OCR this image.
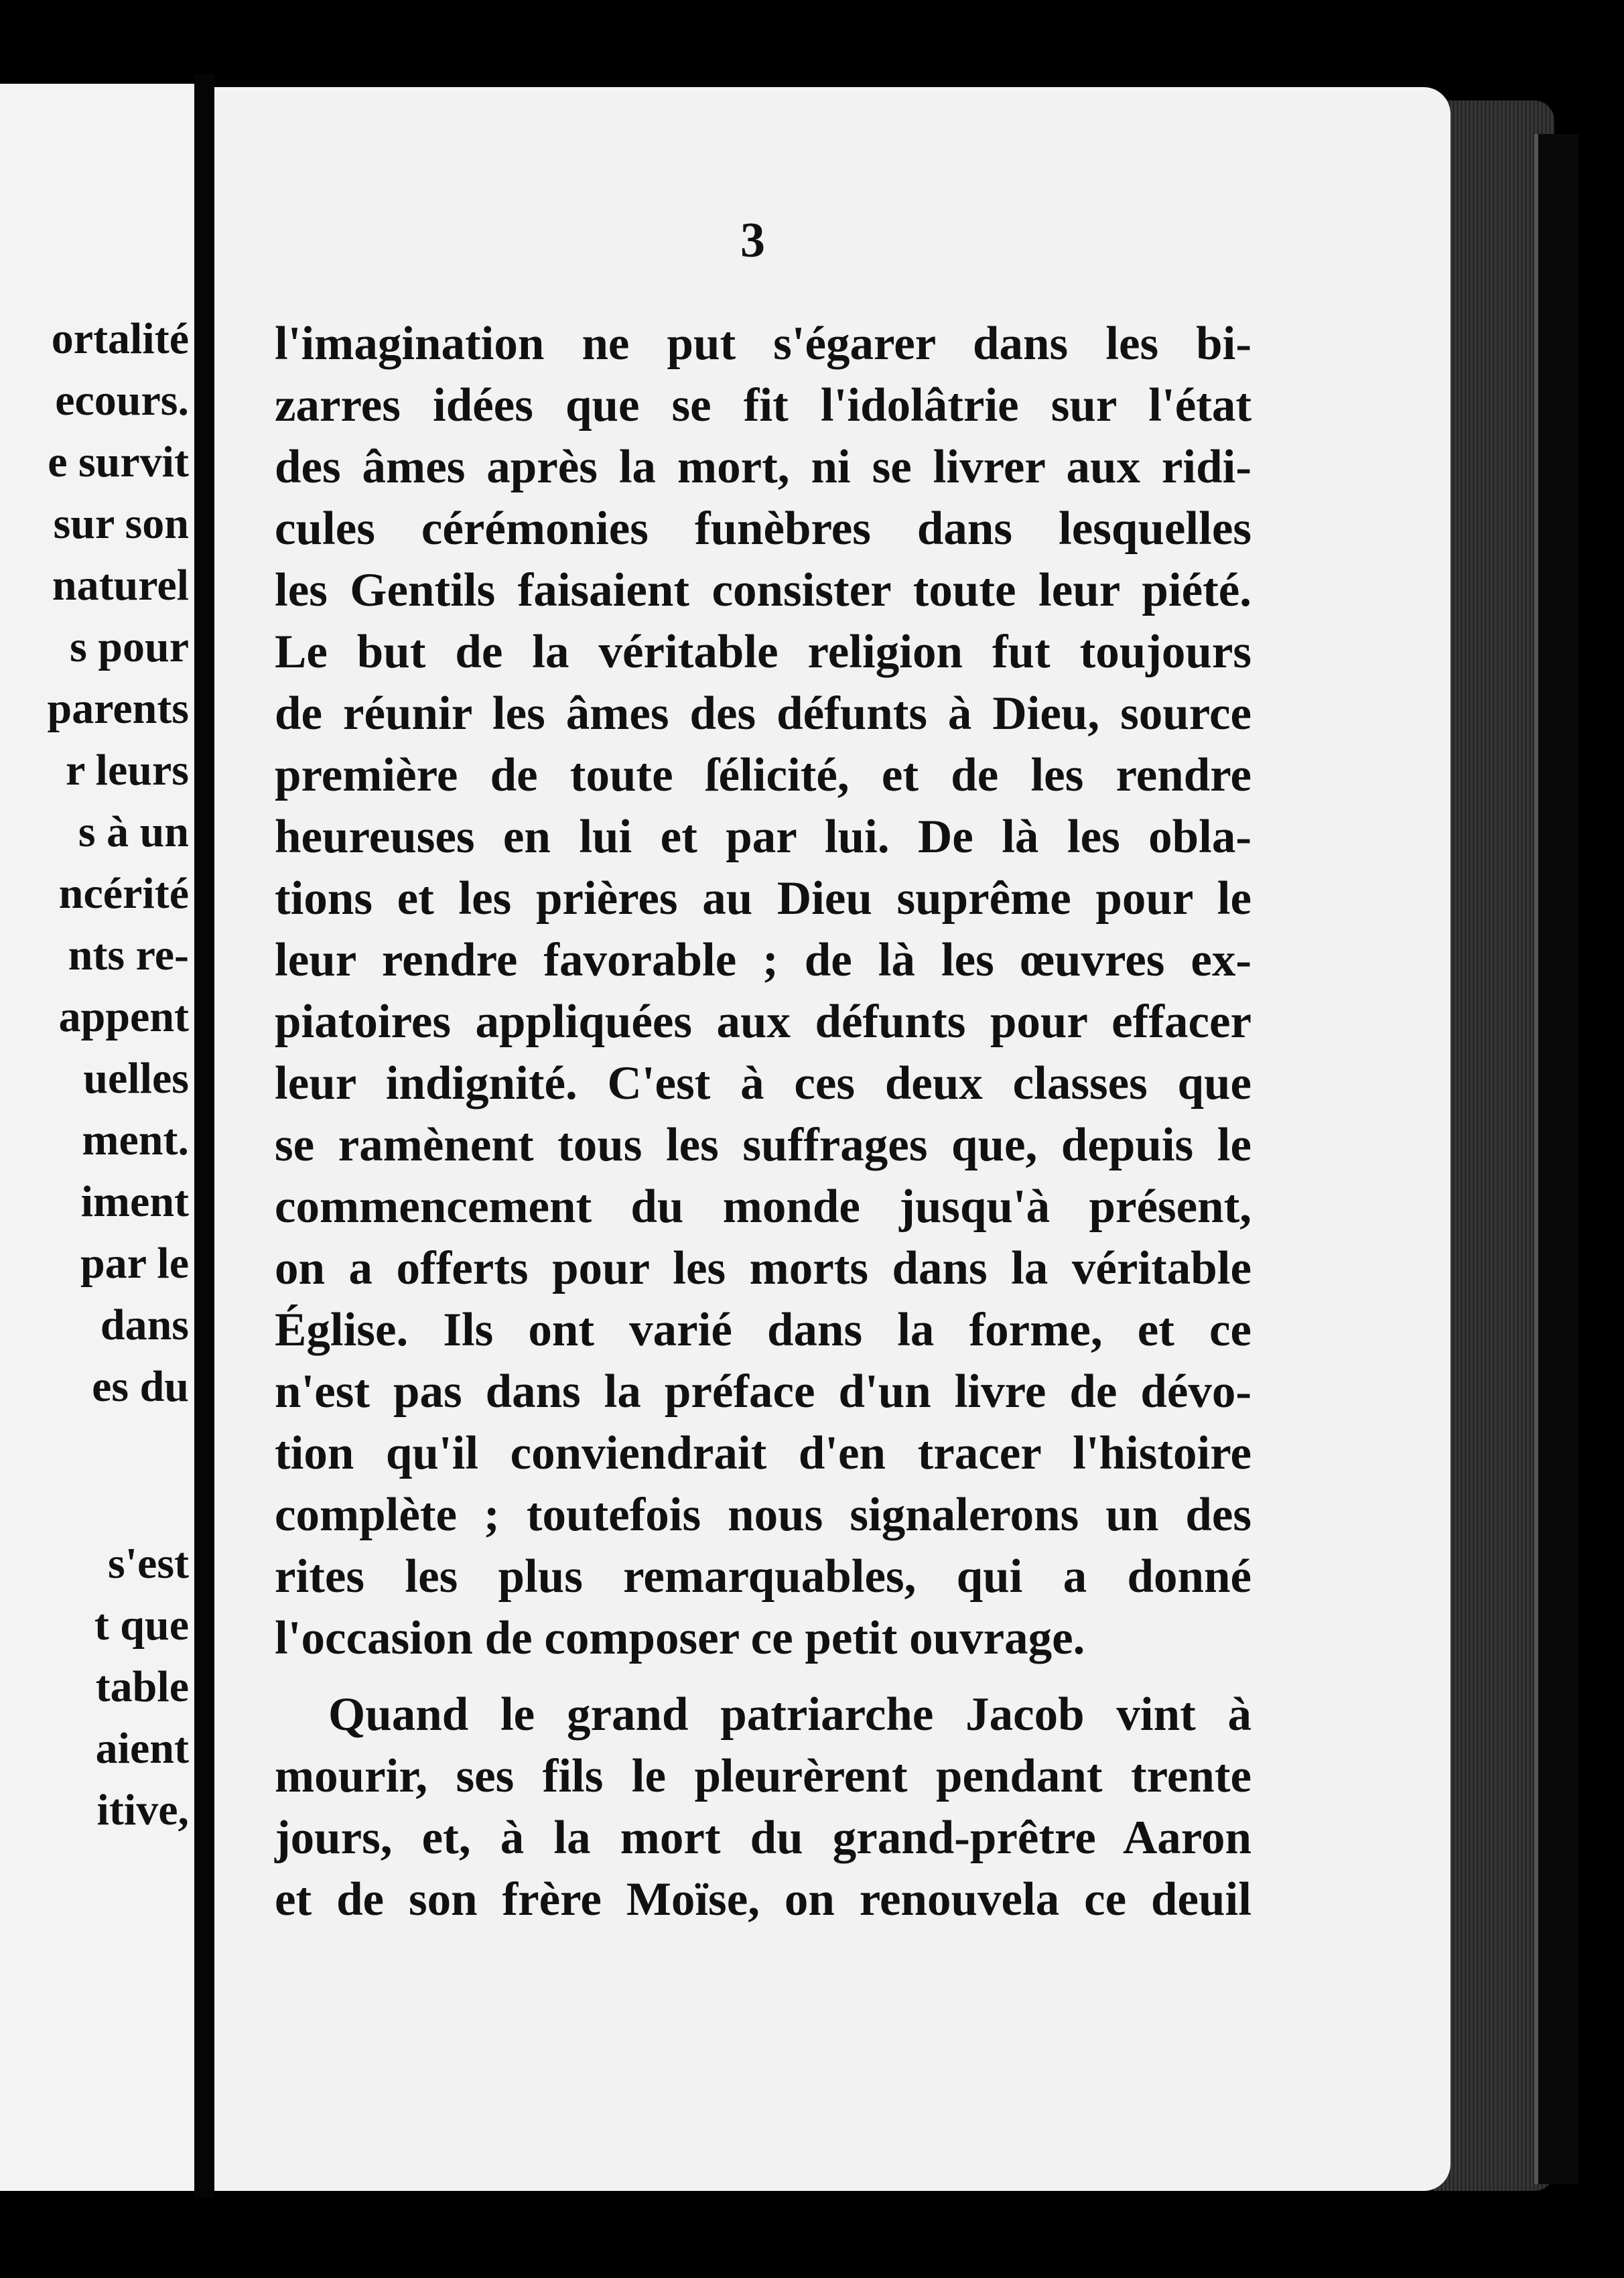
ortalité
ecours.
e survit
sur son
naturel
s pour
parents
r leurs
s à un
ncérité
nts re-
appent
uelles
ment.
iment
par le
dans
es du
s'est
t que
table
aient
itive,
3
l'imagination ne put s'égarer dans les bi-
zarres idées que se fit l'idolâtrie sur l'état
des âmes après la mort, ni se livrer aux ridi-
cules cérémonies funèbres dans lesquelles
les Gentils faisaient consister toute leur piété.
Le but de la véritable religion fut toujours
de réunir les âmes des défunts à Dieu, source
première de toute ſélicité, et de les rendre
heureuses en lui et par lui. De là les obla-
tions et les prières au Dieu suprême pour le
leur rendre favorable ; de là les œuvres ex-
piatoires appliquées aux défunts pour effacer
leur indignité. C'est à ces deux classes que
se ramènent tous les suffrages que, depuis le
commencement du monde jusqu'à présent,
on a offerts pour les morts dans la véritable
Église. Ils ont varié dans la forme, et ce
n'est pas dans la préface d'un livre de dévo-
tion qu'il conviendrait d'en tracer l'histoire
complète ; toutefois nous signalerons un des
rites les plus remarquables, qui a donné
l'occasion de composer ce petit ouvrage.
Quand le grand patriarche Jacob vint à
mourir, ses fils le pleurèrent pendant trente
jours, et, à la mort du grand-prêtre Aaron
et de son frère Moïse, on renouvela ce deuil
